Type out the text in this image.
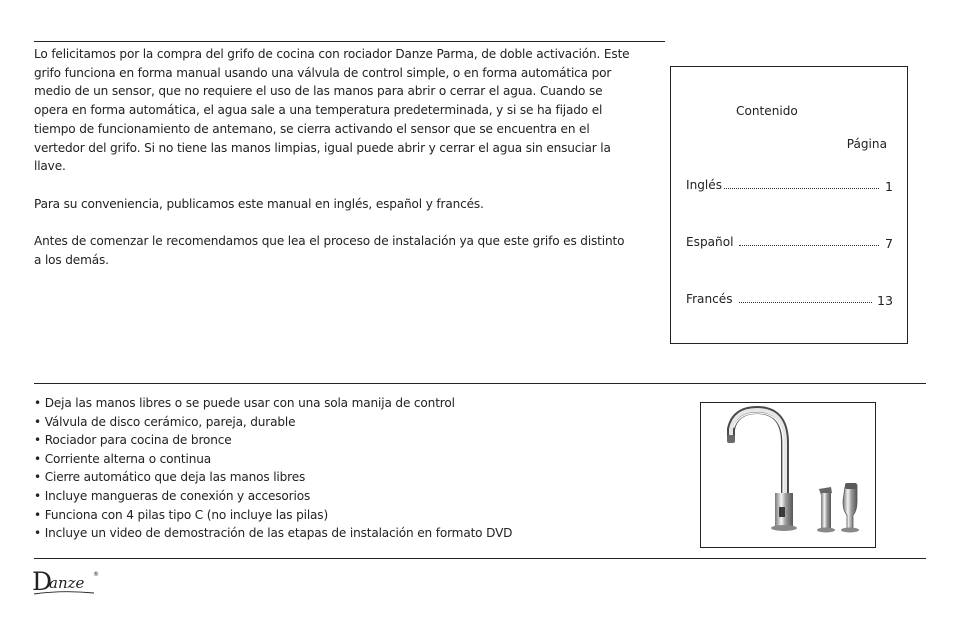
Lo felicitamos por la compra del grifo de cocina con rociador Danze Parma, de doble activación. Este grifo funciona en forma manual usando una válvula de control simple, o en forma automática por medio de un sensor, que no requiere el uso de las manos para abrir o cerrar el agua. Cuando se opera en forma automática, el agua sale a una temperatura predeterminada, y si se ha fijado el tiempo de funcionamiento de antemano, se cierra activando el sensor que se encuentra en el vertedor del grifo. Si no tiene las manos limpias, igual puede abrir y cerrar el agua sin ensuciar la llave.

Para su conveniencia, publicamos este manual en inglés, español y francés.

Antes de comenzar le recomendamos que lea el proceso de instalación ya que este grifo es distinto a los demás.

Contenido
Página
Inglés	1
Español	7
Francés	13
• Deja las manos libres o se puede usar con una sola manija de control
• Válvula de disco cerámico, pareja, durable
• Rociador para cocina de bronce
• Corriente alterna o continua
• Cierre automático que deja las manos libres
• Incluye mangueras de conexión y accesorios
• Funciona con 4 pilas tipo C (no incluye las pilas)
• Incluye un video de demostración de las etapas de instalación en formato DVD
D
anze ®
